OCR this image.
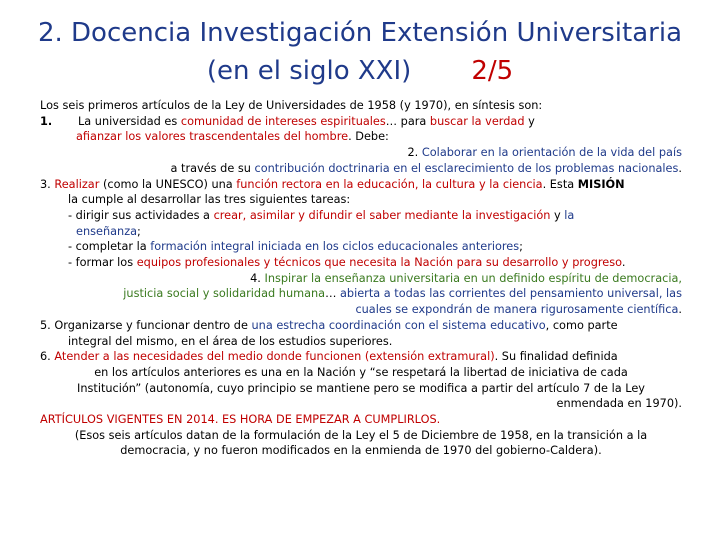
2. Docencia Investigación Extensión Universitaria
(en el siglo XXI) 2/5

Los seis primeros artículos de la Ley de Universidades de 1958 (y 1970), en síntesis son:

1. La universidad es comunidad de intereses espirituales… para buscar la verdad y

afianzar los valores trascendentales del hombre. Debe:

2. Colaborar en la orientación de la vida del país

a través de su contribución doctrinaria en el esclarecimiento de los problemas nacionales.

3. Realizar (como la UNESCO) una función rectora en la educación, la cultura y la ciencia. Esta MISIÓN

la cumple al desarrollar las tres siguientes tareas:

- dirigir sus actividades a crear, asimilar y difundir el saber mediante la investigación y la

enseñanza;

- completar la formación integral iniciada en los ciclos educacionales anteriores;

- formar los equipos profesionales y técnicos que necesita la Nación para su desarrollo y progreso.

4. Inspirar la enseñanza universitaria en un definido espíritu de democracia,

justicia social y solidaridad humana… abierta a todas las corrientes del pensamiento universal, las

cuales se expondrán de manera rigurosamente científica.

5. Organizarse y funcionar dentro de una estrecha coordinación con el sistema educativo, como parte

integral del mismo, en el área de los estudios superiores.

6. Atender a las necesidades del medio donde funcionen (extensión extramural). Su finalidad definida

en los artículos anteriores es una en la Nación y “se respetará la libertad de iniciativa de cada

Institución” (autonomía, cuyo principio se mantiene pero se modifica a partir del artículo 7 de la Ley

enmendada en 1970).

ARTÍCULOS VIGENTES EN 2014. ES HORA DE EMPEZAR A CUMPLIRLOS.

(Esos seis artículos datan de la formulación de la Ley el 5 de Diciembre de 1958, en la transición a la

democracia, y no fueron modificados en la enmienda de 1970 del gobierno-Caldera).
